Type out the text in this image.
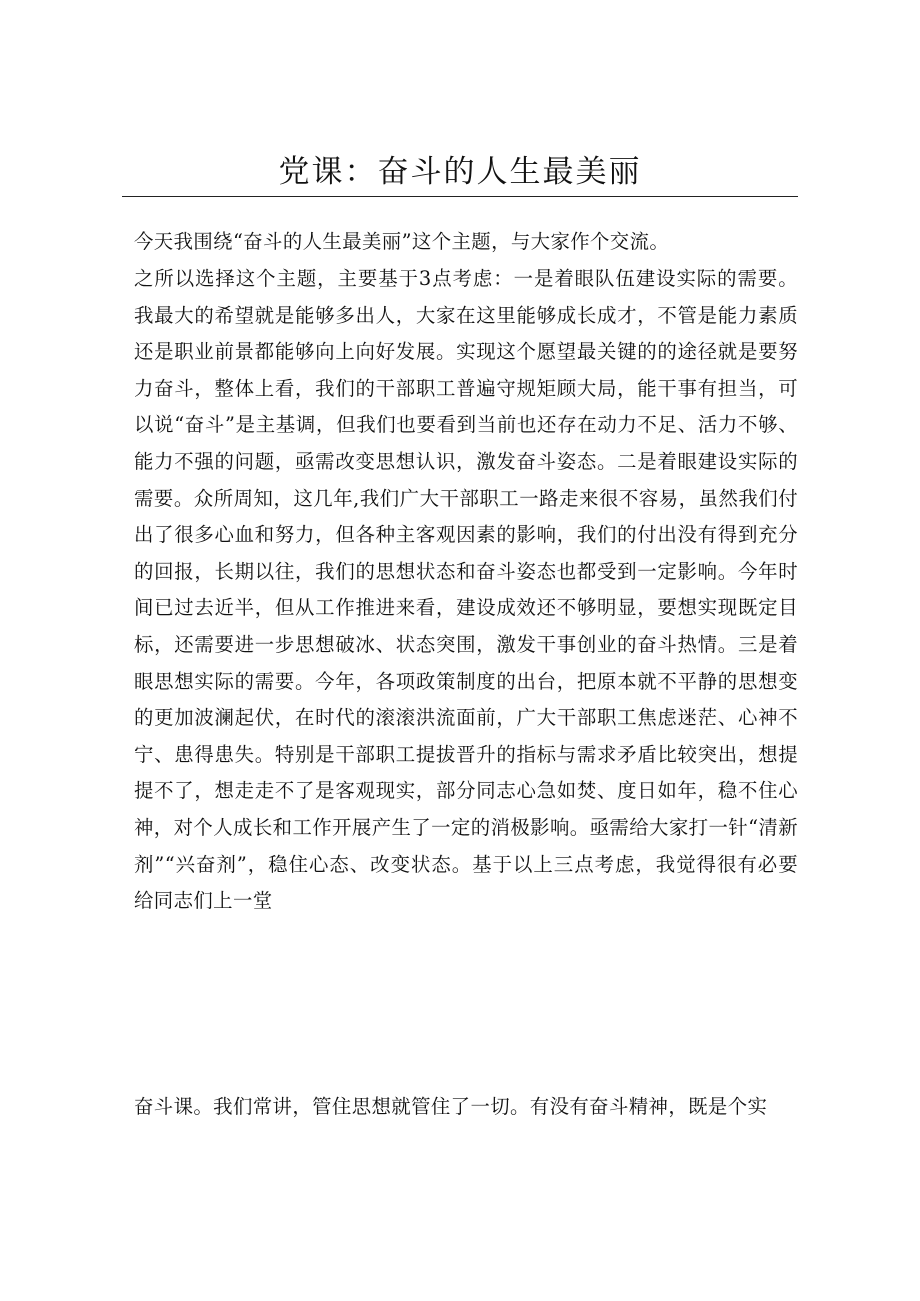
党课：奋斗的人生最美丽

今天我围绕“奋斗的人生最美丽”这个主题，与大家作个交流。

之所以选择这个主题，主要基于3点考虑：一是着眼队伍建设实际的需要。我最大的希望就是能够多出人，大家在这里能够成长成才，不管是能力素质还是职业前景都能够向上向好发展。实现这个愿望最关键的的途径就是要努力奋斗，整体上看，我们的干部职工普遍守规矩顾大局，能干事有担当，可以说“奋斗”是主基调，但我们也要看到当前也还存在动力不足、活力不够、能力不强的问题，亟需改变思想认识，激发奋斗姿态。二是着眼建设实际的需要。众所周知，这几年,我们广大干部职工一路走来很不容易，虽然我们付出了很多心血和努力，但各种主客观因素的影响，我们的付出没有得到充分的回报，长期以往，我们的思想状态和奋斗姿态也都受到一定影响。今年时间已过去近半，但从工作推进来看，建设成效还不够明显，要想实现既定目标，还需要进一步思想破冰、状态突围，激发干事创业的奋斗热情。三是着眼思想实际的需要。今年，各项政策制度的出台，把原本就不平静的思想变的更加波澜起伏，在时代的滚滚洪流面前，广大干部职工焦虑迷茫、心神不宁、患得患失。特别是干部职工提拔晋升的指标与需求矛盾比较突出，想提提不了，想走走不了是客观现实，部分同志心急如焚、度日如年，稳不住心神，对个人成长和工作开展产生了一定的消极影响。亟需给大家打一针“清新剂”“兴奋剂”，稳住心态、改变状态。基于以上三点考虑，我觉得很有必要给同志们上一堂

奋斗课。我们常讲，管住思想就管住了一切。有没有奋斗精神，既是个实
